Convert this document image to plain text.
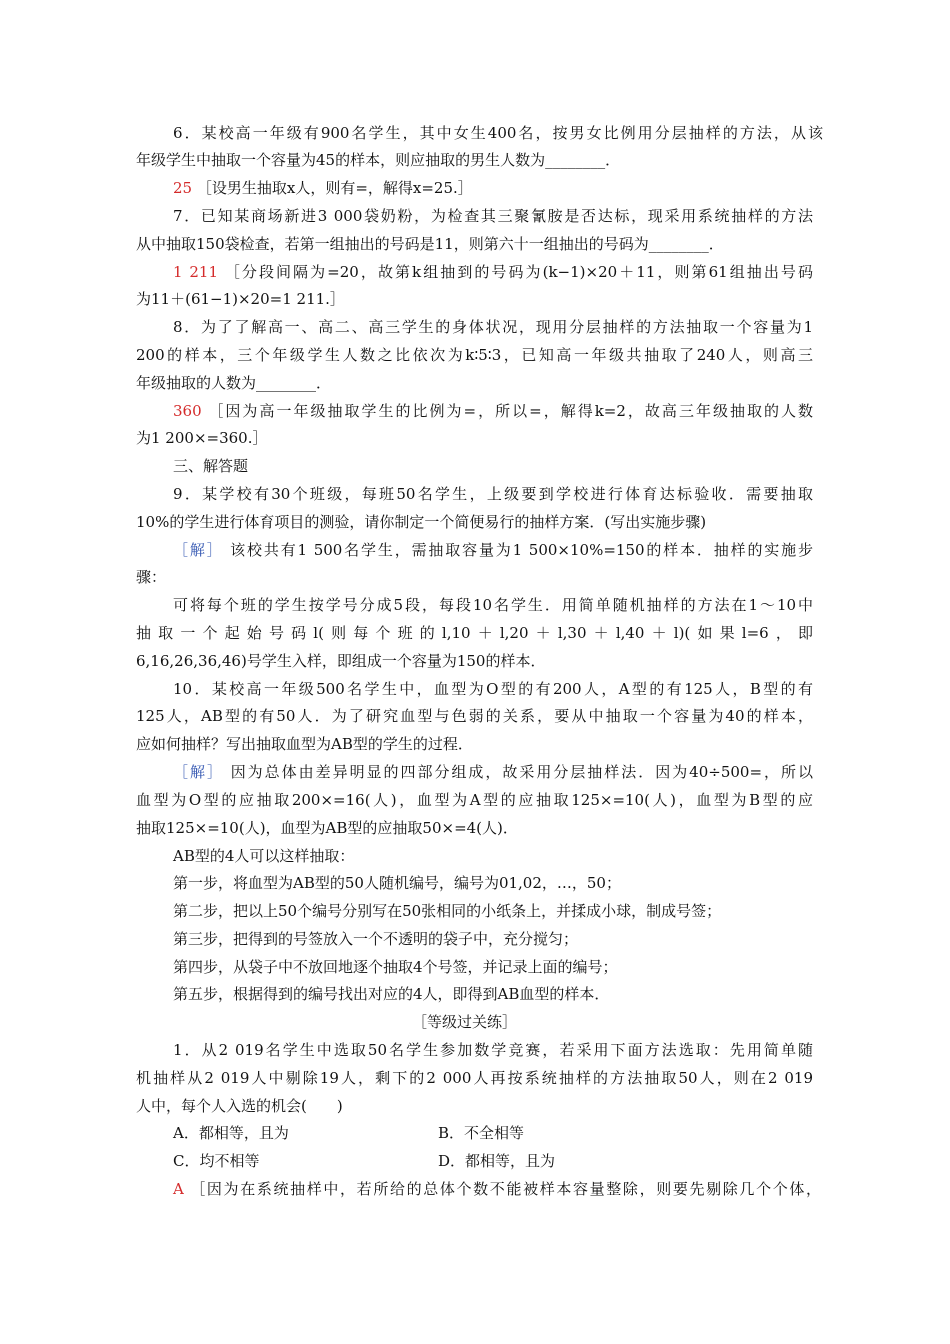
6．某校高一年级有900名学生，其中女生400名，按男女比例用分层抽样的方法，从该
年级学生中抽取一个容量为45的样本，则应抽取的男生人数为________．
25 ［设男生抽取x人，则有=，解得x=25.］
7．已知某商场新进3 000袋奶粉，为检查其三聚氰胺是否达标，现采用系统抽样的方法
从中抽取150袋检查，若第一组抽出的号码是11，则第六十一组抽出的号码为________．
1 211 ［分段间隔为=20，故第k组抽到的号码为(k−1)×20＋11，则第61组抽出号码
为11＋(61−1)×20=1 211.］
8．为了了解高一、高二、高三学生的身体状况，现用分层抽样的方法抽取一个容量为1
200的样本，三个年级学生人数之比依次为k∶5∶3，已知高一年级共抽取了240人，则高三
年级抽取的人数为________．
360 ［因为高一年级抽取学生的比例为=，所以=，解得k=2，故高三年级抽取的人数
为1 200×=360.］
三、解答题
9．某学校有30个班级，每班50名学生，上级要到学校进行体育达标验收．需要抽取
10%的学生进行体育项目的测验，请你制定一个简便易行的抽样方案．(写出实施步骤)
［解］ 该校共有1 500名学生，需抽取容量为1 500×10%=150的样本．抽样的实施步
骤：
可将每个班的学生按学号分成5段，每段10名学生．用简单随机抽样的方法在1～10中
抽取一个起始号码l(则每个班的l,10＋l,20＋l,30＋l,40＋l)(如果l=6，即
6,16,26,36,46)号学生入样，即组成一个容量为150的样本．
10．某校高一年级500名学生中，血型为O型的有200人，A型的有125人，B型的有
125人，AB型的有50人．为了研究血型与色弱的关系，要从中抽取一个容量为40的样本，
应如何抽样？写出抽取血型为AB型的学生的过程．
［解］ 因为总体由差异明显的四部分组成，故采用分层抽样法．因为40÷500=，所以
血型为O型的应抽取200×=16(人)，血型为A型的应抽取125×=10(人)，血型为B型的应
抽取125×=10(人)，血型为AB型的应抽取50×=4(人)．
AB型的4人可以这样抽取：
第一步，将血型为AB型的50人随机编号，编号为01,02，…，50；
第二步，把以上50个编号分别写在50张相同的小纸条上，并揉成小球，制成号签；
第三步，把得到的号签放入一个不透明的袋子中，充分搅匀；
第四步，从袋子中不放回地逐个抽取4个号签，并记录上面的编号；
第五步，根据得到的编号找出对应的4人，即得到AB血型的样本．
［等级过关练］
1．从2 019名学生中选取50名学生参加数学竞赛，若采用下面方法选取：先用简单随
机抽样从2 019人中剔除19人，剩下的2 000人再按系统抽样的方法抽取50人，则在2 019
人中，每个人入选的机会(　　)
A．都相等，且为	B．不全相等
C．均不相等	D．都相等，且为
A ［因为在系统抽样中，若所给的总体个数不能被样本容量整除，则要先剔除几个个体，
